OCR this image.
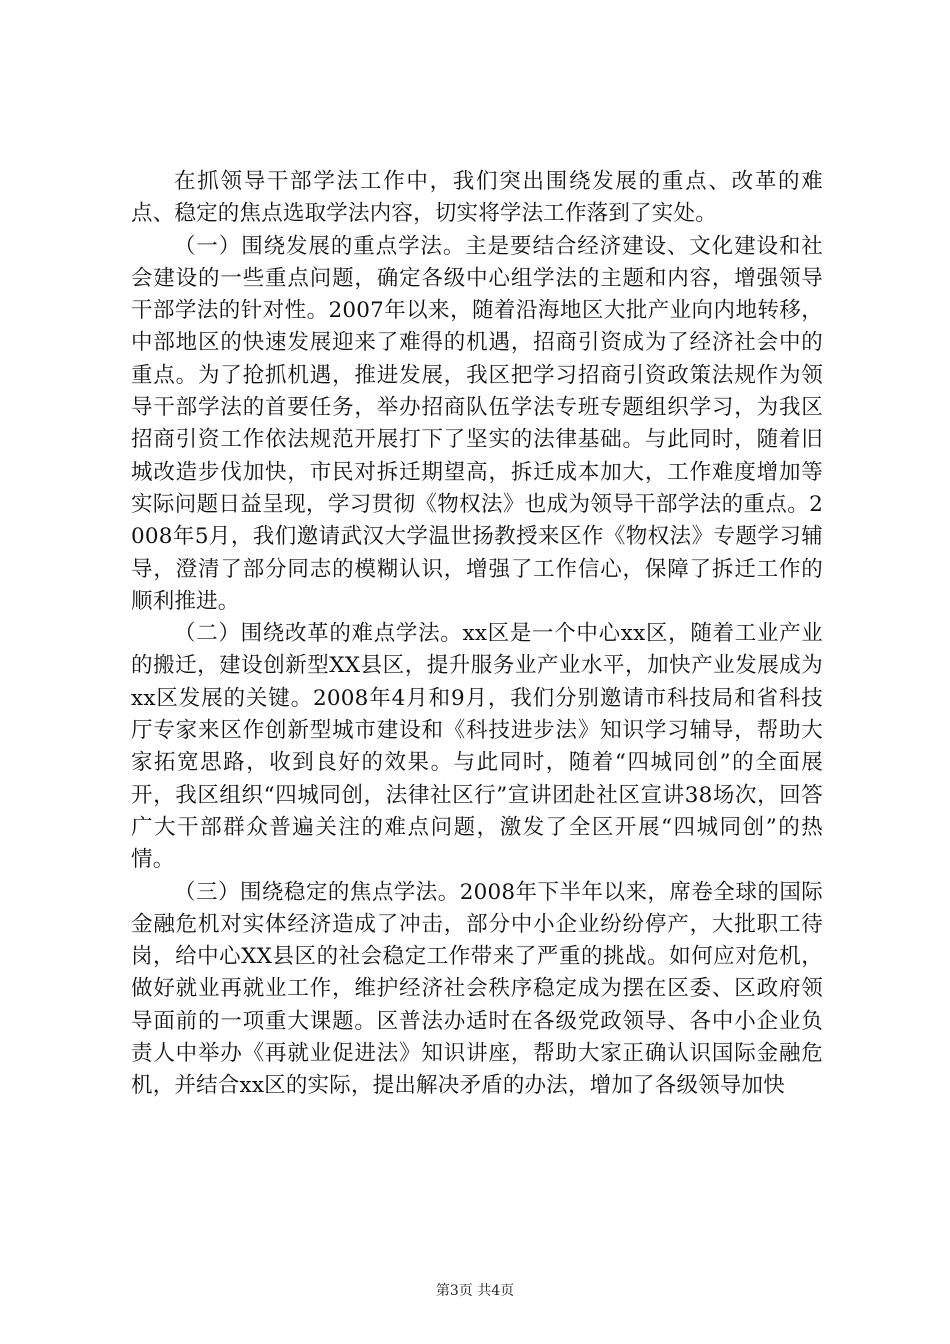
在抓领导干部学法工作中，我们突出围绕发展的重点、改革的难点、稳定的焦点选取学法内容，切实将学法工作落到了实处。

（一）围绕发展的重点学法。主是要结合经济建设、文化建设和社会建设的一些重点问题，确定各级中心组学法的主题和内容，增强领导干部学法的针对性。2007年以来，随着沿海地区大批产业向内地转移，中部地区的快速发展迎来了难得的机遇，招商引资成为了经济社会中的重点。为了抢抓机遇，推进发展，我区把学习招商引资政策法规作为领导干部学法的首要任务，举办招商队伍学法专班专题组织学习，为我区招商引资工作依法规范开展打下了坚实的法律基础。与此同时，随着旧城改造步伐加快，市民对拆迁期望高，拆迁成本加大，工作难度增加等实际问题日益呈现，学习贯彻《物权法》也成为领导干部学法的重点。2008年5月，我们邀请武汉大学温世扬教授来区作《物权法》专题学习辅导，澄清了部分同志的模糊认识，增强了工作信心，保障了拆迁工作的顺利推进。

（二）围绕改革的难点学法。xx区是一个中心xx区，随着工业产业的搬迁，建设创新型XX县区，提升服务业产业水平，加快产业发展成为xx区发展的关键。2008年4月和9月，我们分别邀请市科技局和省科技厅专家来区作创新型城市建设和《科技进步法》知识学习辅导，帮助大家拓宽思路，收到良好的效果。与此同时，随着“四城同创”的全面展开，我区组织“四城同创，法律社区行”宣讲团赴社区宣讲38场次，回答广大干部群众普遍关注的难点问题，激发了全区开展“四城同创”的热情。

（三）围绕稳定的焦点学法。2008年下半年以来，席卷全球的国际金融危机对实体经济造成了冲击，部分中小企业纷纷停产，大批职工待岗，给中心XX县区的社会稳定工作带来了严重的挑战。如何应对危机，做好就业再就业工作，维护经济社会秩序稳定成为摆在区委、区政府领导面前的一项重大课题。区普法办适时在各级党政领导、各中小企业负责人中举办《再就业促进法》知识讲座，帮助大家正确认识国际金融危机，并结合xx区的实际，提出解决矛盾的办法，增加了各级领导加快

第3页 共4页
